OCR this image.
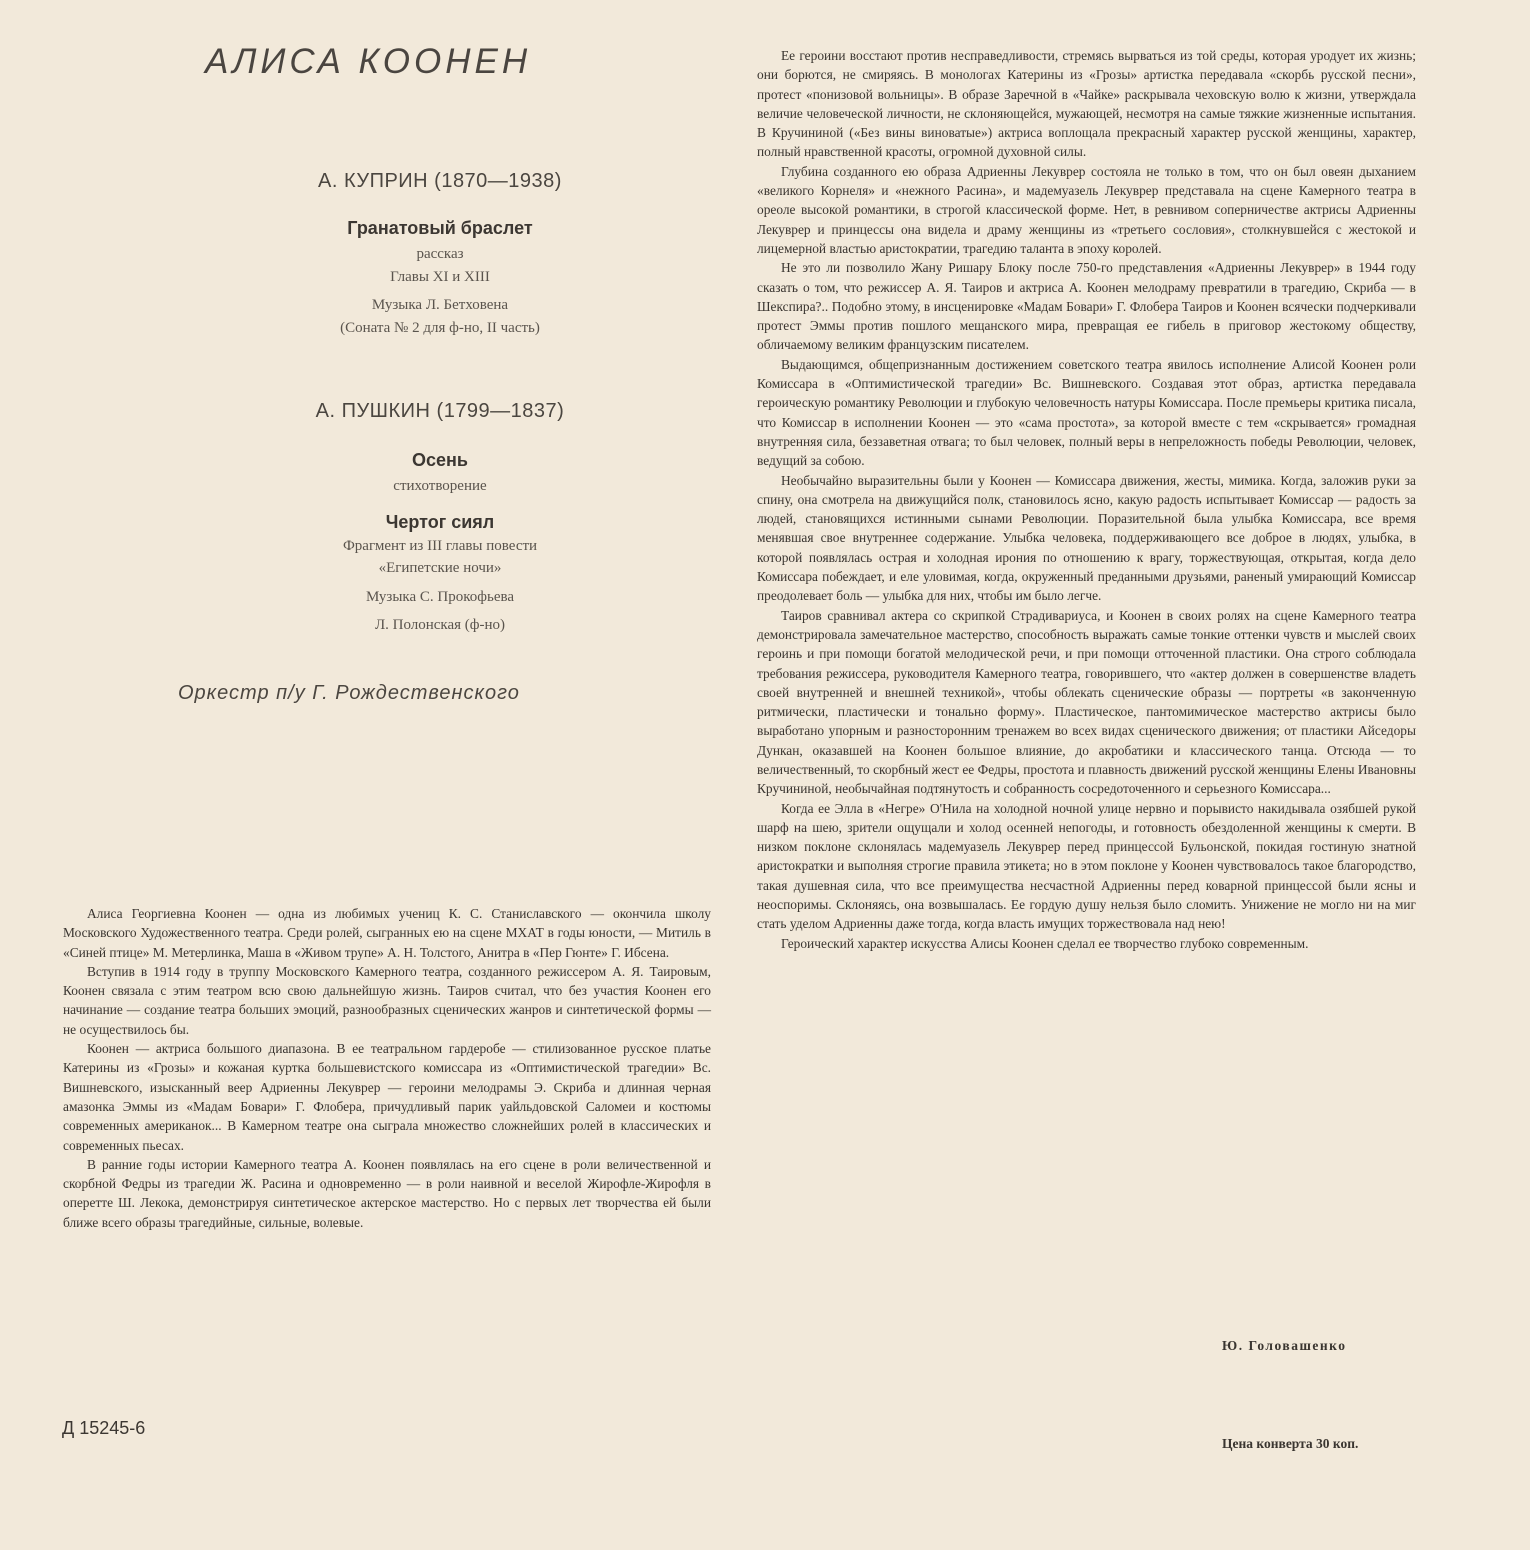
АЛИСА КООНЕН

А. КУПРИН (1870—1938)

Гранатовый браслет

рассказ

Главы XI и XIII

Музыка Л. Бетховена

(Соната № 2 для ф-но, II часть)

А. ПУШКИН (1799—1837)

Осень

стихотворение

Чертог сиял

Фрагмент из III главы повести

«Египетские ночи»

Музыка С. Прокофьева

Л. Полонская (ф-но)

Оркестр п/у Г. Рождественского

Алиса Георгиевна Коонен — одна из любимых учениц К. С. Станиславского — окончила школу Московского Художественного театра. Среди ролей, сыгранных ею на сцене МХАТ в годы юности, — Митиль в «Синей птице» М. Метерлинка, Маша в «Живом трупе» А. Н. Толстого, Анитра в «Пер Гюнте» Г. Ибсена.

Вступив в 1914 году в труппу Московского Камерного театра, созданного режиссером А. Я. Таировым, Коонен связала с этим театром всю свою дальнейшую жизнь. Таиров считал, что без участия Коонен его начинание — создание театра больших эмоций, разнообразных сценических жанров и синтетической формы — не осуществилось бы.

Коонен — актриса большого диапазона. В ее театральном гардеробе — стилизованное русское платье Катерины из «Грозы» и кожаная куртка большевистского комиссара из «Оптимистической трагедии» Вс. Вишневского, изысканный веер Адриенны Лекуврер — героини мелодрамы Э. Скриба и длинная черная амазонка Эммы из «Мадам Бовари» Г. Флобера, причудливый парик уайльдовской Саломеи и костюмы современных американок... В Камерном театре она сыграла множество сложнейших ролей в классических и современных пьесах.

В ранние годы истории Камерного театра А. Коонен появлялась на его сцене в роли величественной и скорбной Федры из трагедии Ж. Расина и одновременно — в роли наивной и веселой Жирофле-Жирофля в оперетте Ш. Лекока, демонстрируя синтетическое актерское мастерство. Но с первых лет творчества ей были ближе всего образы трагедийные, сильные, волевые.

Ее героини восстают против несправедливости, стремясь вырваться из той среды, которая уродует их жизнь; они борются, не смиряясь. В монологах Катерины из «Грозы» артистка передавала «скорбь русской песни», протест «понизовой вольницы». В образе Заречной в «Чайке» раскрывала чеховскую волю к жизни, утверждала величие человеческой личности, не склоняющейся, мужающей, несмотря на самые тяжкие жизненные испытания. В Кручининой («Без вины виноватые») актриса воплощала прекрасный характер русской женщины, характер, полный нравственной красоты, огромной духовной силы.

Глубина созданного ею образа Адриенны Лекуврер состояла не только в том, что он был овеян дыханием «великого Корнеля» и «нежного Расина», и мадемуазель Лекуврер представала на сцене Камерного театра в ореоле высокой романтики, в строгой классической форме. Нет, в ревнивом соперничестве актрисы Адриенны Лекуврер и принцессы она видела и драму женщины из «третьего сословия», столкнувшейся с жестокой и лицемерной властью аристократии, трагедию таланта в эпоху королей.

Не это ли позволило Жану Ришару Блоку после 750-го представления «Адриенны Лекуврер» в 1944 году сказать о том, что режиссер А. Я. Таиров и актриса А. Коонен мелодраму превратили в трагедию, Скриба — в Шекспира?.. Подобно этому, в инсценировке «Мадам Бовари» Г. Флобера Таиров и Коонен всячески подчеркивали протест Эммы против пошлого мещанского мира, превращая ее гибель в приговор жестокому обществу, обличаемому великим французским писателем.

Выдающимся, общепризнанным достижением советского театра явилось исполнение Алисой Коонен роли Комиссара в «Оптимистической трагедии» Вс. Вишневского. Создавая этот образ, артистка передавала героическую романтику Революции и глубокую человечность натуры Комиссара. После премьеры критика писала, что Комиссар в исполнении Коонен — это «сама простота», за которой вместе с тем «скрывается» громадная внутренняя сила, беззаветная отвага; то был человек, полный веры в непреложность победы Революции, человек, ведущий за собою.

Необычайно выразительны были у Коонен — Комиссара движения, жесты, мимика. Когда, заложив руки за спину, она смотрела на движущийся полк, становилось ясно, какую радость испытывает Комиссар — радость за людей, становящихся истинными сынами Революции. Поразительной была улыбка Комиссара, все время менявшая свое внутреннее содержание. Улыбка человека, поддерживающего все доброе в людях, улыбка, в которой появлялась острая и холодная ирония по отношению к врагу, торжествующая, открытая, когда дело Комиссара побеждает, и еле уловимая, когда, окруженный преданными друзьями, раненый умирающий Комиссар преодолевает боль — улыбка для них, чтобы им было легче.

Таиров сравнивал актера со скрипкой Страдивариуса, и Коонен в своих ролях на сцене Камерного театра демонстрировала замечательное мастерство, способность выражать самые тонкие оттенки чувств и мыслей своих героинь и при помощи богатой мелодической речи, и при помощи отточенной пластики. Она строго соблюдала требования режиссера, руководителя Камерного театра, говорившего, что «актер должен в совершенстве владеть своей внутренней и внешней техникой», чтобы облекать сценические образы — портреты «в законченную ритмически, пластически и тонально форму». Пластическое, пантомимическое мастерство актрисы было выработано упорным и разносторонним тренажем во всех видах сценического движения; от пластики Айседоры Дункан, оказавшей на Коонен большое влияние, до акробатики и классического танца. Отсюда — то величественный, то скорбный жест ее Федры, простота и плавность движений русской женщины Елены Ивановны Кручининой, необычайная подтянутость и собранность сосредоточенного и серьезного Комиссара...

Когда ее Элла в «Негре» О'Нила на холодной ночной улице нервно и порывисто накидывала озябшей рукой шарф на шею, зрители ощущали и холод осенней непогоды, и готовность обездоленной женщины к смерти. В низком поклоне склонялась мадемуазель Лекуврер перед принцессой Бульонской, покидая гостиную знатной аристократки и выполняя строгие правила этикета; но в этом поклоне у Коонен чувствовалось такое благородство, такая душевная сила, что все преимущества несчастной Адриенны перед коварной принцессой были ясны и неоспоримы. Склоняясь, она возвышалась. Ее гордую душу нельзя было сломить. Унижение не могло ни на миг стать уделом Адриенны даже тогда, когда власть имущих торжествовала над нею!

Героический характер искусства Алисы Коонен сделал ее творчество глубоко современным.

Ю. Головашенко

Д 15245-6

Цена конверта 30 коп.
